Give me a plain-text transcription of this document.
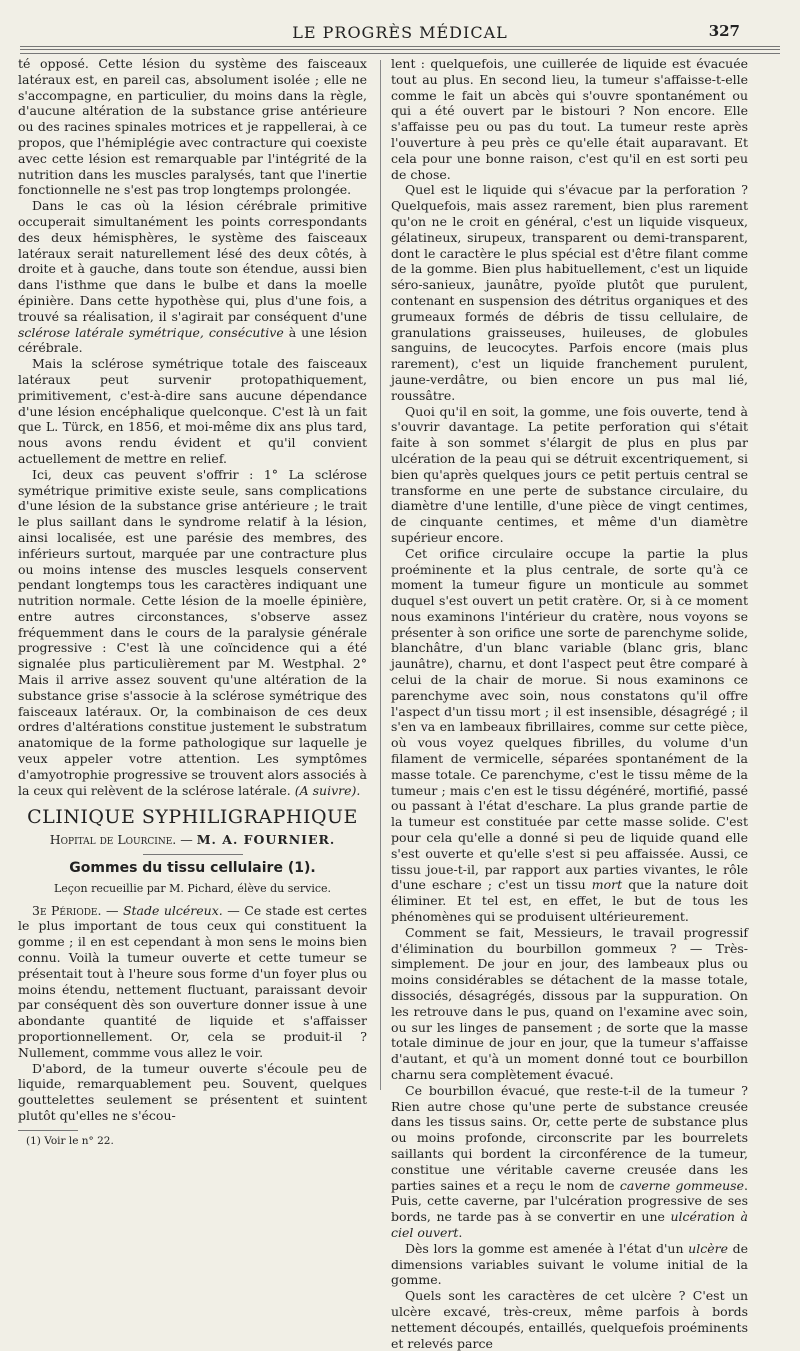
LE PROGRÈS MÉDICAL	327

té opposé. Cette lésion du système des faisceaux latéraux est, en pareil cas, absolument isolée ; elle ne s'accompagne, en particulier, du moins dans la règle, d'aucune altération de la substance grise antérieure ou des racines spinales motrices et je rappellerai, à ce propos, que l'hémiplégie avec contracture qui coexiste avec cette lésion est remarquable par l'intégrité de la nutrition dans les muscles paralysés, tant que l'inertie fonctionnelle ne s'est pas trop longtemps prolongée.

Dans le cas où la lésion cérébrale primitive occuperait simultanément les points correspondants des deux hémisphères, le système des faisceaux latéraux serait naturellement lésé des deux côtés, à droite et à gauche, dans toute son étendue, aussi bien dans l'isthme que dans le bulbe et dans la moelle épinière. Dans cette hypothèse qui, plus d'une fois, a trouvé sa réalisation, il s'agirait par conséquent d'une sclérose latérale symétrique, consécutive à une lésion cérébrale.

Mais la sclérose symétrique totale des faisceaux latéraux peut survenir protopathiquement, primitivement, c'est-à-dire sans aucune dépendance d'une lésion encéphalique quelconque. C'est là un fait que L. Türck, en 1856, et moi-même dix ans plus tard, nous avons rendu évident et qu'il convient actuellement de mettre en relief.

Ici, deux cas peuvent s'offrir : 1° La sclérose symétrique primitive existe seule, sans complications d'une lésion de la substance grise antérieure ; le trait le plus saillant dans le syndrome relatif à la lésion, ainsi localisée, est une parésie des membres, des inférieurs surtout, marquée par une contracture plus ou moins intense des muscles lesquels conservent pendant longtemps tous les caractères indiquant une nutrition normale. Cette lésion de la moelle épinière, entre autres circonstances, s'observe assez fréquemment dans le cours de la paralysie générale progressive : C'est là une coïncidence qui a été signalée plus particulièrement par M. Westphal. 2° Mais il arrive assez souvent qu'une altération de la substance grise s'associe à la sclérose symétrique des faisceaux latéraux. Or, la combinaison de ces deux ordres d'altérations constitue justement le substratum anatomique de la forme pathologique sur laquelle je veux appeler votre attention. Les symptômes d'amyotrophie progressive se trouvent alors associés à la ceux qui relèvent de la sclérose latérale. (A suivre).

CLINIQUE SYPHILIGRAPHIQUE
Hopital de Lourcine. — M. A. FOURNIER.
Gommes du tissu cellulaire (1).
Leçon recueillie par M. Pichard, élève du service.

3e Période. — Stade ulcéreux. — Ce stade est certes le plus important de tous ceux qui constituent la gomme ; il en est cependant à mon sens le moins bien connu. Voilà la tumeur ouverte et cette tumeur se présentait tout à l'heure sous forme d'un foyer plus ou moins étendu, nettement fluctuant, paraissant devoir par conséquent dès son ouverture donner issue à une abondante quantité de liquide et s'affaisser proportionnellement. Or, cela se produit-il ? Nullement, commme vous allez le voir.

D'abord, de la tumeur ouverte s'écoule peu de liquide, remarquablement peu. Souvent, quelques gouttelettes seulement se présentent et suintent plutôt qu'elles ne s'écou-

(1) Voir le n° 22.

lent : quelquefois, une cuillerée de liquide est évacuée tout au plus. En second lieu, la tumeur s'affaisse-t-elle comme le fait un abcès qui s'ouvre spontanément ou qui a été ouvert par le bistouri ? Non encore. Elle s'affaisse peu ou pas du tout. La tumeur reste après l'ouverture à peu près ce qu'elle était auparavant. Et cela pour une bonne raison, c'est qu'il en est sorti peu de chose.

Quel est le liquide qui s'évacue par la perforation ? Quelquefois, mais assez rarement, bien plus rarement qu'on ne le croit en général, c'est un liquide visqueux, gélatineux, sirupeux, transparent ou demi-transparent, dont le caractère le plus spécial est d'être filant comme de la gomme. Bien plus habituellement, c'est un liquide séro-sanieux, jaunâtre, pyoïde plutôt que purulent, contenant en suspension des détritus organiques et des grumeaux formés de débris de tissu cellulaire, de granulations graisseuses, huileuses, de globules sanguins, de leucocytes. Parfois encore (mais plus rarement), c'est un liquide franchement purulent, jaune-verdâtre, ou bien encore un pus mal lié, roussâtre.

Quoi qu'il en soit, la gomme, une fois ouverte, tend à s'ouvrir davantage. La petite perforation qui s'était faite à son sommet s'élargit de plus en plus par ulcération de la peau qui se détruit excentriquement, si bien qu'après quelques jours ce petit pertuis central se transforme en une perte de substance circulaire, du diamètre d'une lentille, d'une pièce de vingt centimes, de cinquante centimes, et même d'un diamètre supérieur encore.

Cet orifice circulaire occupe la partie la plus proéminente et la plus centrale, de sorte qu'à ce moment la tumeur figure un monticule au sommet duquel s'est ouvert un petit cratère. Or, si à ce moment nous examinons l'intérieur du cratère, nous voyons se présenter à son orifice une sorte de parenchyme solide, blanchâtre, d'un blanc variable (blanc gris, blanc jaunâtre), charnu, et dont l'aspect peut être comparé à celui de la chair de morue. Si nous examinons ce parenchyme avec soin, nous constatons qu'il offre l'aspect d'un tissu mort ; il est insensible, désagrégé ; il s'en va en lambeaux fibrillaires, comme sur cette pièce, où vous voyez quelques fibrilles, du volume d'un filament de vermicelle, séparées spontanément de la masse totale. Ce parenchyme, c'est le tissu même de la tumeur ; mais c'en est le tissu dégénéré, mortifié, passé ou passant à l'état d'eschare. La plus grande partie de la tumeur est constituée par cette masse solide. C'est pour cela qu'elle a donné si peu de liquide quand elle s'est ouverte et qu'elle s'est si peu affaissée. Aussi, ce tissu joue-t-il, par rapport aux parties vivantes, le rôle d'une eschare ; c'est un tissu mort que la nature doit éliminer. Et tel est, en effet, le but de tous les phénomènes qui se produisent ultérieurement.

Comment se fait, Messieurs, le travail progressif d'élimination du bourbillon gommeux ? — Très-simplement. De jour en jour, des lambeaux plus ou moins considérables se détachent de la masse totale, dissociés, désagrégés, dissous par la suppuration. On les retrouve dans le pus, quand on l'examine avec soin, ou sur les linges de pansement ; de sorte que la masse totale diminue de jour en jour, que la tumeur s'affaisse d'autant, et qu'à un moment donné tout ce bourbillon charnu sera complètement évacué.

Ce bourbillon évacué, que reste-t-il de la tumeur ? Rien autre chose qu'une perte de substance creusée dans les tissus sains. Or, cette perte de substance plus ou moins profonde, circonscrite par les bourrelets saillants qui bordent la circonférence de la tumeur, constitue une véritable caverne creusée dans les parties saines et a reçu le nom de caverne gommeuse. Puis, cette caverne, par l'ulcération progressive de ses bords, ne tarde pas à se convertir en une ulcération à ciel ouvert.

Dès lors la gomme est amenée à l'état d'un ulcère de dimensions variables suivant le volume initial de la gomme.

Quels sont les caractères de cet ulcère ? C'est un ulcère excavé, très-creux, même parfois à bords nettement découpés, entaillés, quelquefois proéminents et relevés parce
